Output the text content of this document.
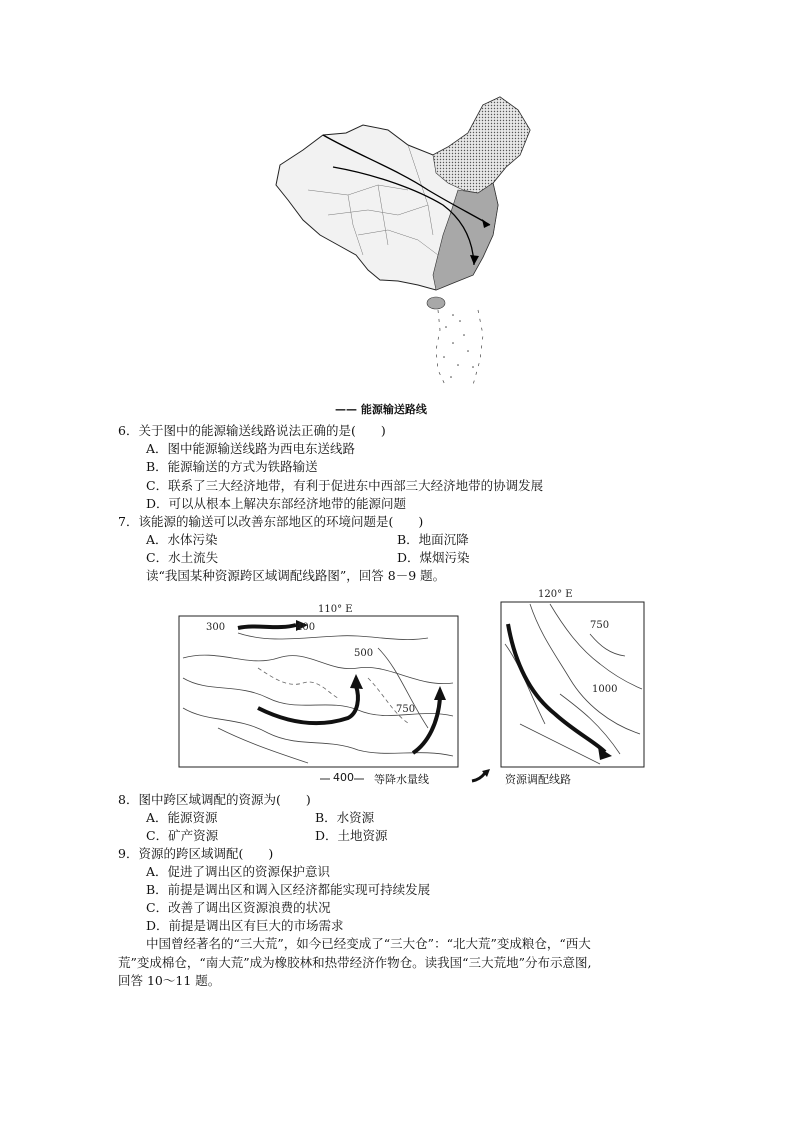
—— 能源输送路线
6．关于图中的能源输送线路说法正确的是(　　)
A．图中能源输送线路为西电东送线路
B．能源输送的方式为铁路输送
C．联系了三大经济地带，有利于促进东中西部三大经济地带的协调发展
D．可以从根本上解决东部经济地带的能源问题
7．该能源的输送可以改善东部地区的环境问题是(　　)
A．水体污染	B．地面沉降
C．水土流失	D．煤烟污染
读“我国某种资源跨区域调配线路图”，回答 8－9 题。
110° E
300	400
500
750
120° E
750
1000
400 等降水量线	资源调配线路
8．图中跨区域调配的资源为(　　)
A．能源资源	B．水资源
C．矿产资源	D．土地资源
9．资源的跨区域调配(　　)
A．促进了调出区的资源保护意识
B．前提是调出区和调入区经济都能实现可持续发展
C．改善了调出区资源浪费的状况
D．前提是调出区有巨大的市场需求
中国曾经著名的“三大荒”，如今已经变成了“三大仓”：“北大荒”变成粮仓，“西大
荒”变成棉仓，“南大荒”成为橡胶林和热带经济作物仓。读我国“三大荒地”分布示意图,
回答 10～11 题。
